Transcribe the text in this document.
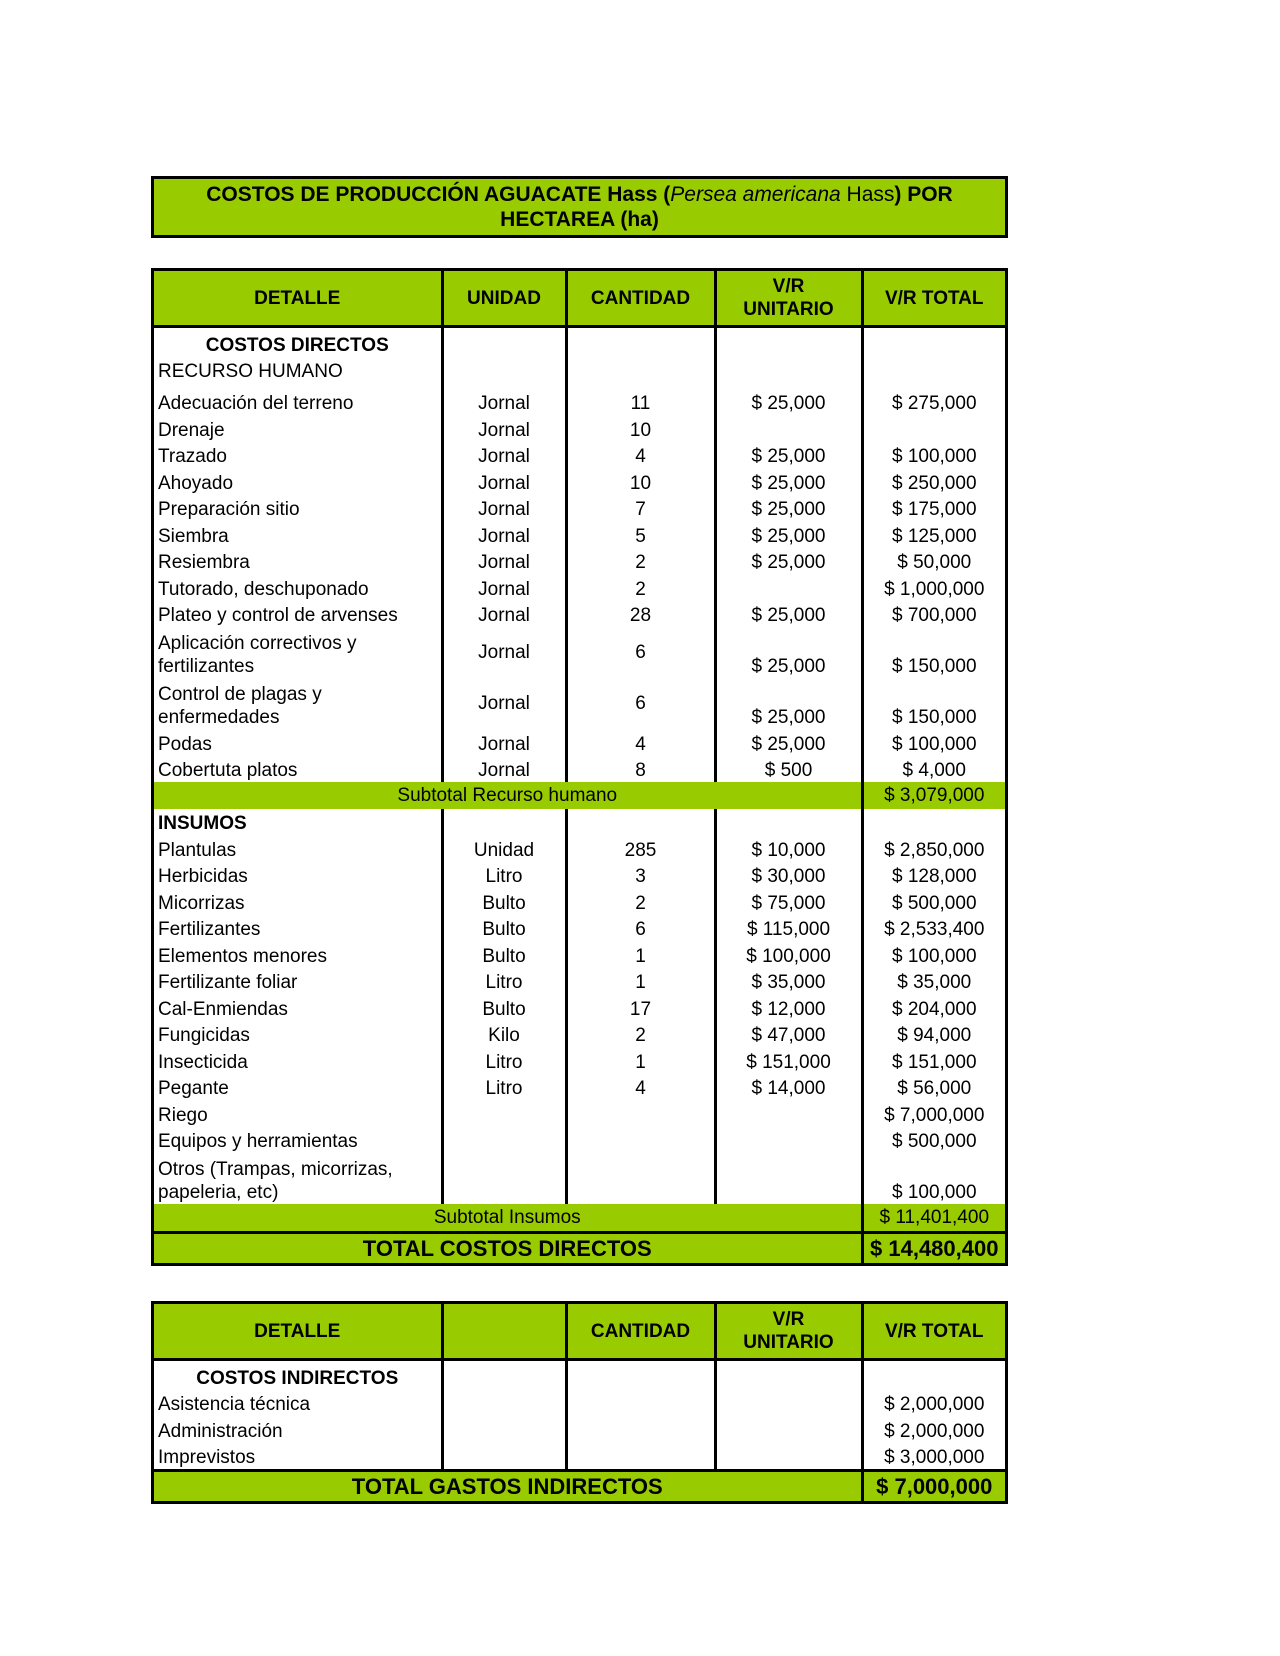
COSTOS DE PRODUCCIÓN AGUACATE Hass (Persea americana Hass) POR HECTAREA (ha)
DETALLE	UNIDAD	CANTIDAD	V/R UNITARIO	V/R TOTAL
COSTOS DIRECTOS				
RECURSO HUMANO				
Adecuación del terreno	Jornal	11	$ 25,000	$ 275,000
Drenaje	Jornal	10		
Trazado	Jornal	4	$ 25,000	$ 100,000
Ahoyado	Jornal	10	$ 25,000	$ 250,000
Preparación sitio	Jornal	7	$ 25,000	$ 175,000
Siembra	Jornal	5	$ 25,000	$ 125,000
Resiembra	Jornal	2	$ 25,000	$ 50,000
Tutorado, deschuponado	Jornal	2		$ 1,000,000
Plateo y control de arvenses	Jornal	28	$ 25,000	$ 700,000
Aplicación correctivos y fertilizantes	Jornal	6	$ 25,000	$ 150,000
Control de plagas y enfermedades	Jornal	6	$ 25,000	$ 150,000
Podas	Jornal	4	$ 25,000	$ 100,000
Cobertuta platos	Jornal	8	$ 500	$ 4,000
Subtotal Recurso humano				$ 3,079,000
INSUMOS				
Plantulas	Unidad	285	$ 10,000	$ 2,850,000
Herbicidas	Litro	3	$ 30,000	$ 128,000
Micorrizas	Bulto	2	$ 75,000	$ 500,000
Fertilizantes	Bulto	6	$ 115,000	$ 2,533,400
Elementos menores	Bulto	1	$ 100,000	$ 100,000
Fertilizante foliar	Litro	1	$ 35,000	$ 35,000
Cal-Enmiendas	Bulto	17	$ 12,000	$ 204,000
Fungicidas	Kilo	2	$ 47,000	$ 94,000
Insecticida	Litro	1	$ 151,000	$ 151,000
Pegante	Litro	4	$ 14,000	$ 56,000
Riego				$ 7,000,000
Equipos y herramientas				$ 500,000
Otros (Trampas, micorrizas, papeleria, etc)				$ 100,000
Subtotal Insumos				$ 11,401,400
TOTAL COSTOS DIRECTOS				$ 14,480,400
DETALLE		CANTIDAD	V/R UNITARIO	V/R TOTAL
COSTOS INDIRECTOS				
Asistencia técnica				$ 2,000,000
Administración				$ 2,000,000
Imprevistos				$ 3,000,000
TOTAL GASTOS INDIRECTOS				$ 7,000,000
